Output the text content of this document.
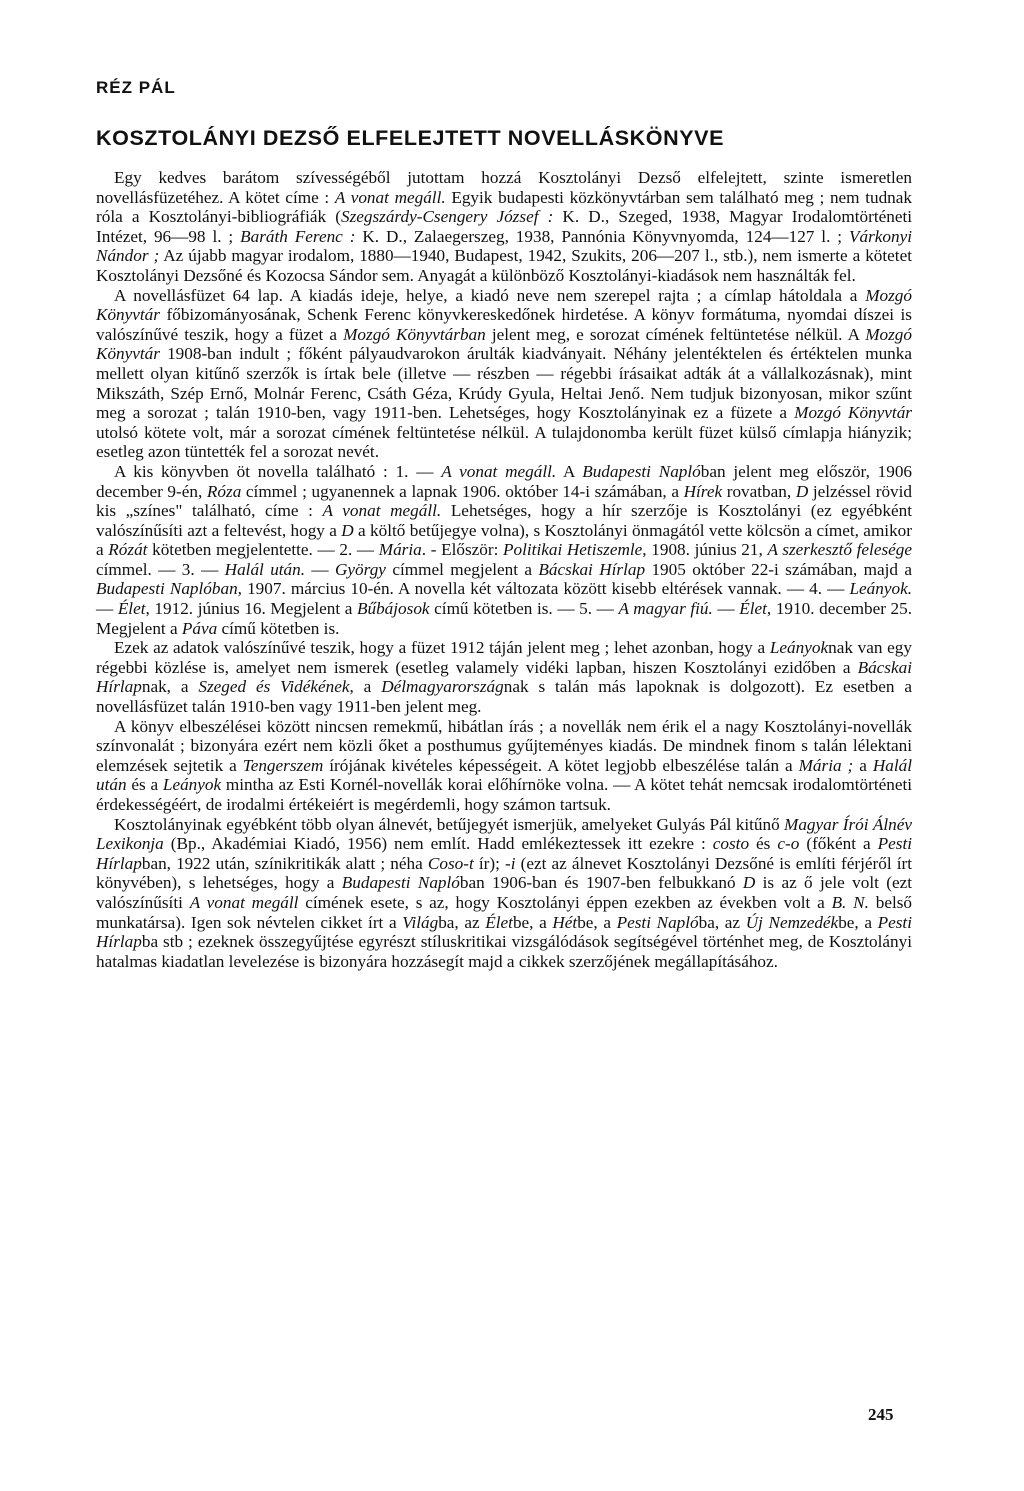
RÉZ PÁL
KOSZTOLÁNYI DEZSŐ ELFELEJTETT NOVELLÁSKÖNYVE

Egy kedves barátom szívességéből jutottam hozzá Kosztolányi Dezső elfelejtett, szinte ismeretlen novellásfüzetéhez. A kötet címe : A vonat megáll. Egyik budapesti közkönyvtárban sem található meg ; nem tudnak róla a Kosztolányi-bibliográfiák (Szegszárdy-Csengery József : K. D., Szeged, 1938, Magyar Irodalomtörténeti Intézet, 96—98 l. ; Baráth Ferenc : K. D., Zalaegerszeg, 1938, Pannónia Könyvnyomda, 124—127 l. ; Várkonyi Nándor ; Az újabb magyar irodalom, 1880—1940, Budapest, 1942, Szukits, 206—207 l., stb.), nem ismerte a kötetet Kosztolányi Dezsőné és Kozocsa Sándor sem. Anyagát a különböző Kosztolányi-kiadások nem használták fel.

A novellásfüzet 64 lap. A kiadás ideje, helye, a kiadó neve nem szerepel rajta ; a címlap hátoldala a Mozgó Könyvtár főbizományosának, Schenk Ferenc könyvkereskedőnek hirdetése. A könyv formátuma, nyomdai díszei is valószínűvé teszik, hogy a füzet a Mozgó Könyvtárban jelent meg, e sorozat címének feltüntetése nélkül. A Mozgó Könyvtár 1908-ban indult ; főként pályaudvarokon árulták kiadványait. Néhány jelentéktelen és értéktelen munka mellett olyan kitűnő szerzők is írtak bele (illetve — részben — régebbi írásaikat adták át a vállalkozásnak), mint Mikszáth, Szép Ernő, Molnár Ferenc, Csáth Géza, Krúdy Gyula, Heltai Jenő. Nem tudjuk bizonyosan, mikor szűnt meg a sorozat ; talán 1910-ben, vagy 1911-ben. Lehetséges, hogy Kosztolányinak ez a füzete a Mozgó Könyvtár utolsó kötete volt, már a sorozat címének feltüntetése nélkül. A tulajdonomba került füzet külső címlapja hiányzik; esetleg azon tüntették fel a sorozat nevét.

A kis könyvben öt novella található : 1. — A vonat megáll. A Budapesti Naplóban jelent meg először, 1906 december 9-én, Róza címmel ; ugyanennek a lapnak 1906. október 14-i számában, a Hírek rovatban, D jelzéssel rövid kis „színes" található, címe : A vonat megáll. Lehetséges, hogy a hír szerzője is Kosztolányi (ez egyébként valószínűsíti azt a feltevést, hogy a D a költő betűjegye volna), s Kosztolányi önmagától vette kölcsön a címet, amikor a Rózát kötetben megjelentette. — 2. — Mária. - Először: Politikai Hetiszemle, 1908. június 21, A szerkesztő felesége címmel. — 3. — Halál után. — György címmel megjelent a Bácskai Hírlap 1905 október 22-i számában, majd a Budapesti Naplóban, 1907. március 10-én. A novella két változata között kisebb eltérések vannak. — 4. — Leányok. — Élet, 1912. június 16. Megjelent a Bűbájosok című kötetben is. — 5. — A magyar fiú. — Élet, 1910. december 25. Megjelent a Páva című kötetben is.

Ezek az adatok valószínűvé teszik, hogy a füzet 1912 táján jelent meg ; lehet azonban, hogy a Leányoknak van egy régebbi közlése is, amelyet nem ismerek (esetleg valamely vidéki lapban, hiszen Kosztolányi ezidőben a Bácskai Hírlapnak, a Szeged és Vidékének, a Délmagyarországnak s talán más lapoknak is dolgozott). Ez esetben a novellásfüzet talán 1910-ben vagy 1911-ben jelent meg.

A könyv elbeszélései között nincsen remekmű, hibátlan írás ; a novellák nem érik el a nagy Kosztolányi-novellák színvonalát ; bizonyára ezért nem közli őket a posthumus gyűjteményes kiadás. De mindnek finom s talán lélektani elemzések sejtetik a Tengerszem írójának kivételes képességeit. A kötet legjobb elbeszélése talán a Mária ; a Halál után és a Leányok mintha az Esti Kornél-novellák korai előhírnöke volna. — A kötet tehát nemcsak irodalomtörténeti érdekességéért, de irodalmi értékeiért is megérdemli, hogy számon tartsuk.

Kosztolányinak egyébként több olyan álnevét, betűjegyét ismerjük, amelyeket Gulyás Pál kitűnő Magyar Írói Álnév Lexikonja (Bp., Akadémiai Kiadó, 1956) nem említ. Hadd emlékeztessek itt ezekre : costo és c-o (főként a Pesti Hírlapban, 1922 után, színikritikák alatt ; néha Coso-t ír); -i (ezt az álnevet Kosztolányi Dezsőné is említi férjéről írt könyvében), s lehetséges, hogy a Budapesti Naplóban 1906-ban és 1907-ben felbukkanó D is az ő jele volt (ezt valószínűsíti A vonat megáll címének esete, s az, hogy Kosztolányi éppen ezekben az években volt a B. N. belső munkatársa). Igen sok névtelen cikket írt a Világba, az Életbe, a Hétbe, a Pesti Naplóba, az Új Nemzedékbe, a Pesti Hírlapba stb ; ezeknek összegyűjtése egyrészt stíluskritikai vizsgálódások segítségével történhet meg, de Kosztolányi hatalmas kiadatlan levelezése is bizonyára hozzásegít majd a cikkek szerzőjének megállapításához.

245
